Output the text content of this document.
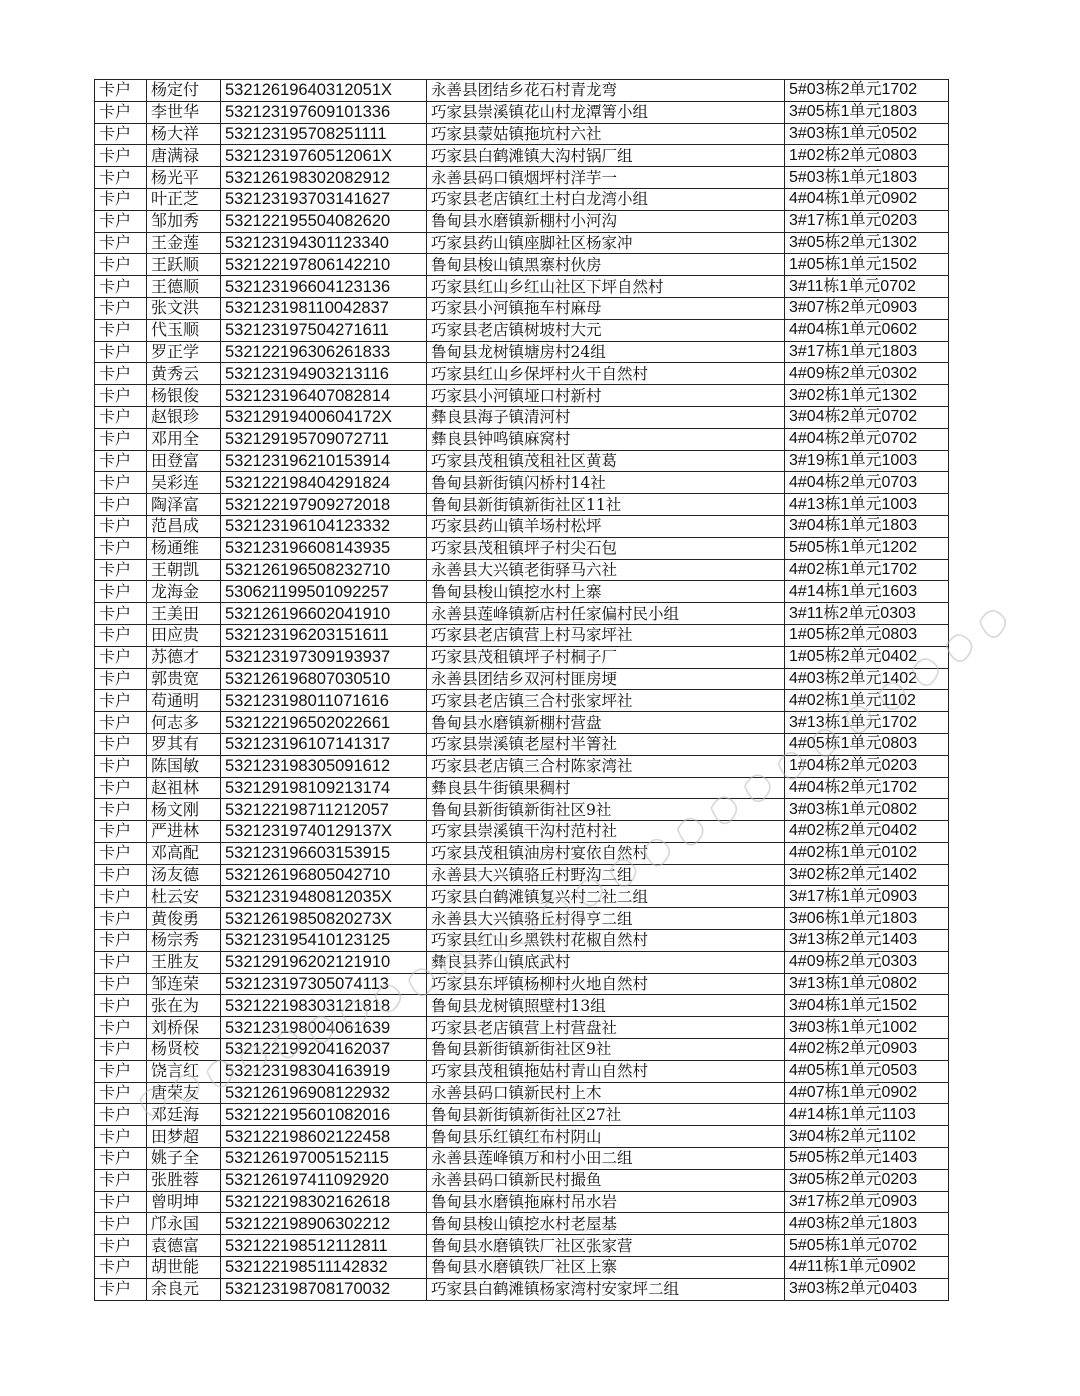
卡户	杨定付	53212619640312051X	永善县团结乡花石村青龙弯	5#03栋2单元1702
卡户	李世华	532123197609101336	巧家县崇溪镇花山村龙潭箐小组	3#05栋1单元1803
卡户	杨大祥	532123195708251111	巧家县蒙姑镇拖坑村六社	3#03栋1单元0502
卡户	唐满禄	53212319760512061X	巧家县白鹤滩镇大沟村锅厂组	1#02栋2单元0803
卡户	杨光平	532126198302082912	永善县码口镇烟坪村洋芋一	5#03栋1单元1803
卡户	叶正芝	532123193703141627	巧家县老店镇红土村白龙湾小组	4#04栋1单元0902
卡户	邹加秀	532122195504082620	鲁甸县水磨镇新棚村小河沟	3#17栋1单元0203
卡户	王金莲	532123194301123340	巧家县药山镇座脚社区杨家冲	3#05栋2单元1302
卡户	王跃顺	532122197806142210	鲁甸县梭山镇黑寨村伙房	1#05栋1单元1502
卡户	王德顺	532123196604123136	巧家县红山乡红山社区下坪自然村	3#11栋1单元0702
卡户	张文洪	532123198110042837	巧家县小河镇拖车村麻母	3#07栋2单元0903
卡户	代玉顺	532123197504271611	巧家县老店镇树坡村大元	4#04栋1单元0602
卡户	罗正学	532122196306261833	鲁甸县龙树镇塘房村24组	3#17栋1单元1803
卡户	黄秀云	532123194903213116	巧家县红山乡保坪村火干自然村	4#09栋2单元0302
卡户	杨银俊	532123196407082814	巧家县小河镇垭口村新村	3#02栋1单元1302
卡户	赵银珍	53212919400604172X	彝良县海子镇清河村	3#04栋2单元0702
卡户	邓用全	532129195709072711	彝良县钟鸣镇麻窝村	4#04栋2单元0702
卡户	田登富	532123196210153914	巧家县茂租镇茂租社区黄葛	3#19栋1单元1003
卡户	吴彩连	532122198404291824	鲁甸县新街镇闪桥村14社	4#04栋2单元0703
卡户	陶泽富	532122197909272018	鲁甸县新街镇新街社区11社	4#13栋1单元1003
卡户	范昌成	532123196104123332	巧家县药山镇羊场村松坪	3#04栋1单元1803
卡户	杨通维	532123196608143935	巧家县茂租镇坪子村尖石包	5#05栋1单元1202
卡户	王朝凯	532126196508232710	永善县大兴镇老街驿马六社	4#02栋1单元1702
卡户	龙海金	530621199501092257	鲁甸县梭山镇挖水村上寨	4#14栋1单元1603
卡户	王美田	532126196602041910	永善县莲峰镇新店村任家偏村民小组	3#11栋2单元0303
卡户	田应贵	532123196203151611	巧家县老店镇营上村马家坪社	1#05栋2单元0803
卡户	苏德才	532123197309193937	巧家县茂租镇坪子村桐子厂	1#05栋2单元0402
卡户	郭贵宽	532126196807030510	永善县团结乡双河村匪房埂	4#03栋2单元1402
卡户	苟通明	532123198011071616	巧家县老店镇三合村张家坪社	4#02栋1单元1102
卡户	何志多	532122196502022661	鲁甸县水磨镇新棚村营盘	3#13栋1单元1702
卡户	罗其有	532123196107141317	巧家县崇溪镇老屋村半箐社	4#05栋1单元0803
卡户	陈国敏	532123198305091612	巧家县老店镇三合村陈家湾社	1#04栋2单元0203
卡户	赵祖林	532129198109213174	彝良县牛街镇果稠村	4#04栋2单元1702
卡户	杨文刚	532122198711212057	鲁甸县新街镇新街社区9社	3#03栋1单元0802
卡户	严进林	53212319740129137X	巧家县崇溪镇干沟村范村社	4#02栋2单元0402
卡户	邓高配	532123196603153915	巧家县茂租镇油房村宴依自然村	4#02栋1单元0102
卡户	汤友德	532126196805042710	永善县大兴镇骆丘村野沟二组	3#02栋2单元1402
卡户	杜云安	53212319480812035X	巧家县白鹤滩镇复兴村二社二组	3#17栋1单元0903
卡户	黄俊勇	53212619850820273X	永善县大兴镇骆丘村得亨二组	3#06栋1单元1803
卡户	杨宗秀	532123195410123125	巧家县红山乡黑铁村花椒自然村	3#13栋2单元1403
卡户	王胜友	532129196202121910	彝良县荞山镇底武村	4#09栋2单元0303
卡户	邹连荣	532123197305074113	巧家县东坪镇杨柳村火地自然村	3#13栋1单元0802
卡户	张在为	532122198303121818	鲁甸县龙树镇照壁村13组	3#04栋1单元1502
卡户	刘桥保	532123198004061639	巧家县老店镇营上村营盘社	3#03栋1单元1002
卡户	杨贤校	532122199204162037	鲁甸县新街镇新街社区9社	4#02栋2单元0903
卡户	饶言红	532123198304163919	巧家县茂租镇拖姑村青山自然村	4#05栋1单元0503
卡户	唐荣友	532126196908122932	永善县码口镇新民村上木	4#07栋1单元0902
卡户	邓廷海	532122195601082016	鲁甸县新街镇新街社区27社	4#14栋1单元1103
卡户	田梦超	532122198602122458	鲁甸县乐红镇红布村阴山	3#04栋2单元1102
卡户	姚子全	532126197005152115	永善县莲峰镇万和村小田二组	5#05栋2单元1403
卡户	张胜蓉	532126197411092920	永善县码口镇新民村撮鱼	3#05栋2单元0203
卡户	曾明坤	532122198302162618	鲁甸县水磨镇拖麻村吊水岩	3#17栋2单元0903
卡户	邝永国	532122198906302212	鲁甸县梭山镇挖水村老屋基	4#03栋2单元1803
卡户	袁德富	532122198512112811	鲁甸县水磨镇铁厂社区张家营	5#05栋1单元0702
卡户	胡世能	532122198511142832	鲁甸县水磨镇铁厂社区上寨	4#11栋1单元0902
卡户	余良元	532123198708170032	巧家县白鹤滩镇杨家湾村安家坪二组	3#03栋2单元0403
